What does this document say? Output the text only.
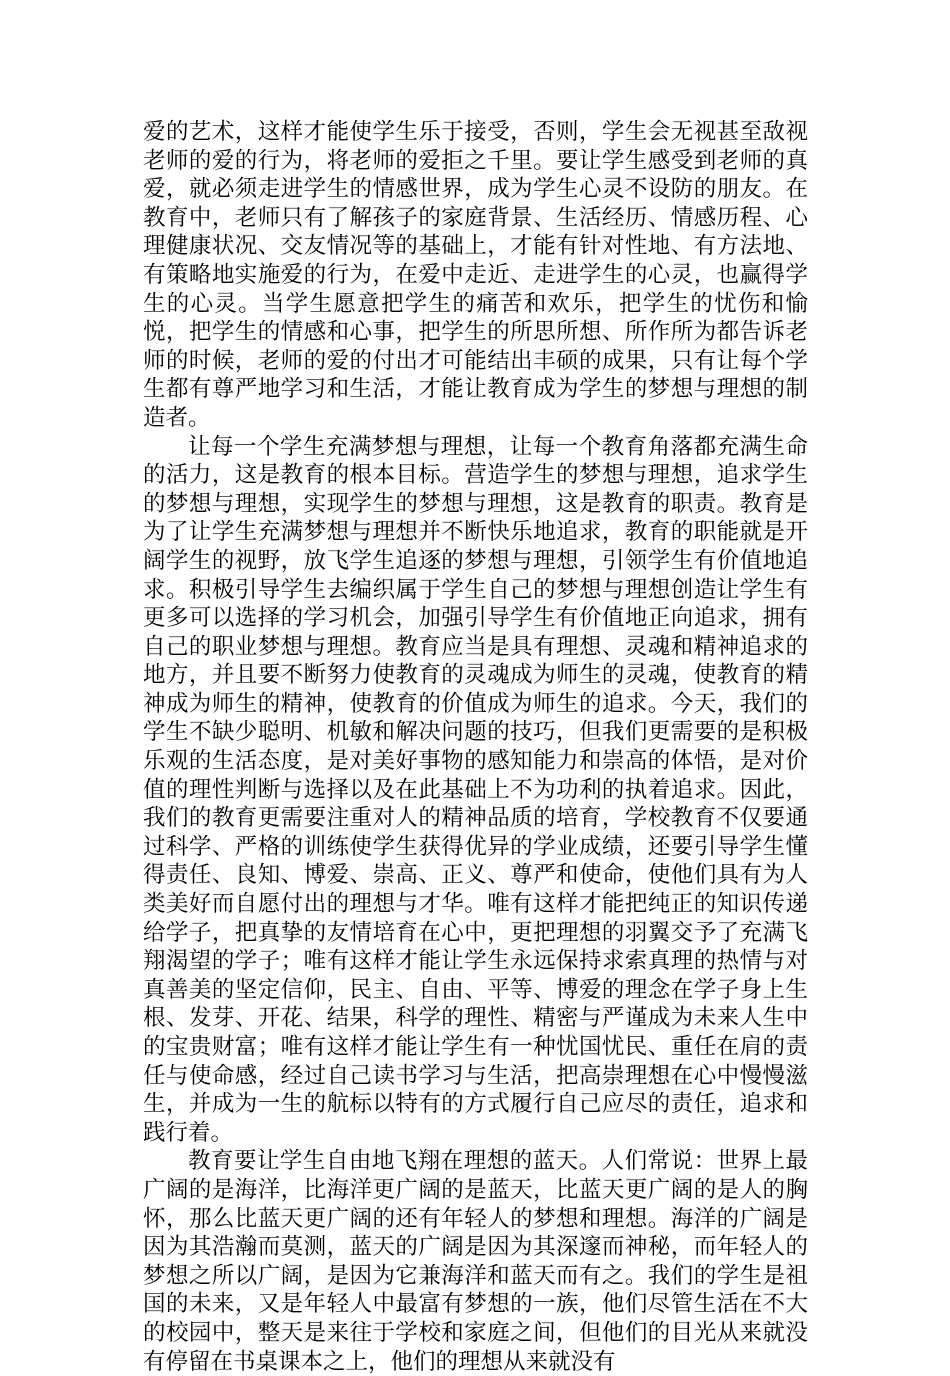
爱的艺术，这样才能使学生乐于接受，否则，学生会无视甚至敌视老师的爱的行为，将老师的爱拒之千里。要让学生感受到老师的真爱，就必须走进学生的情感世界，成为学生心灵不设防的朋友。在教育中，老师只有了解孩子的家庭背景、生活经历、情感历程、心理健康状况、交友情况等的基础上，才能有针对性地、有方法地、有策略地实施爱的行为，在爱中走近、走进学生的心灵，也赢得学生的心灵。当学生愿意把学生的痛苦和欢乐，把学生的忧伤和愉悦，把学生的情感和心事，把学生的所思所想、所作所为都告诉老师的时候，老师的爱的付出才可能结出丰硕的成果，只有让每个学生都有尊严地学习和生活，才能让教育成为学生的梦想与理想的制造者。

让每一个学生充满梦想与理想，让每一个教育角落都充满生命的活力，这是教育的根本目标。营造学生的梦想与理想，追求学生的梦想与理想，实现学生的梦想与理想，这是教育的职责。教育是为了让学生充满梦想与理想并不断快乐地追求，教育的职能就是开阔学生的视野，放飞学生追逐的梦想与理想，引领学生有价值地追求。积极引导学生去编织属于学生自己的梦想与理想创造让学生有更多可以选择的学习机会，加强引导学生有价值地正向追求，拥有自己的职业梦想与理想。教育应当是具有理想、灵魂和精神追求的地方，并且要不断努力使教育的灵魂成为师生的灵魂，使教育的精神成为师生的精神，使教育的价值成为师生的追求。今天，我们的学生不缺少聪明、机敏和解决问题的技巧，但我们更需要的是积极乐观的生活态度，是对美好事物的感知能力和崇高的体悟，是对价值的理性判断与选择以及在此基础上不为功利的执着追求。因此，我们的教育更需要注重对人的精神品质的培育，学校教育不仅要通过科学、严格的训练使学生获得优异的学业成绩，还要引导学生懂得责任、良知、博爱、崇高、正义、尊严和使命，使他们具有为人类美好而自愿付出的理想与才华。唯有这样才能把纯正的知识传递给学子，把真挚的友情培育在心中，更把理想的羽翼交予了充满飞翔渴望的学子；唯有这样才能让学生永远保持求索真理的热情与对真善美的坚定信仰，民主、自由、平等、博爱的理念在学子身上生根、发芽、开花、结果，科学的理性、精密与严谨成为未来人生中的宝贵财富；唯有这样才能让学生有一种忧国忧民、重任在肩的责任与使命感，经过自己读书学习与生活，把高崇理想在心中慢慢滋生，并成为一生的航标以特有的方式履行自己应尽的责任，追求和践行着。

教育要让学生自由地飞翔在理想的蓝天。人们常说：世界上最广阔的是海洋，比海洋更广阔的是蓝天，比蓝天更广阔的是人的胸怀，那么比蓝天更广阔的还有年轻人的梦想和理想。海洋的广阔是因为其浩瀚而莫测，蓝天的广阔是因为其深邃而神秘，而年轻人的梦想之所以广阔，是因为它兼海洋和蓝天而有之。我们的学生是祖国的未来，又是年轻人中最富有梦想的一族，他们尽管生活在不大的校园中，整天是来往于学校和家庭之间，但他们的目光从来就没有停留在书桌课本之上，他们的理想从来就没有
